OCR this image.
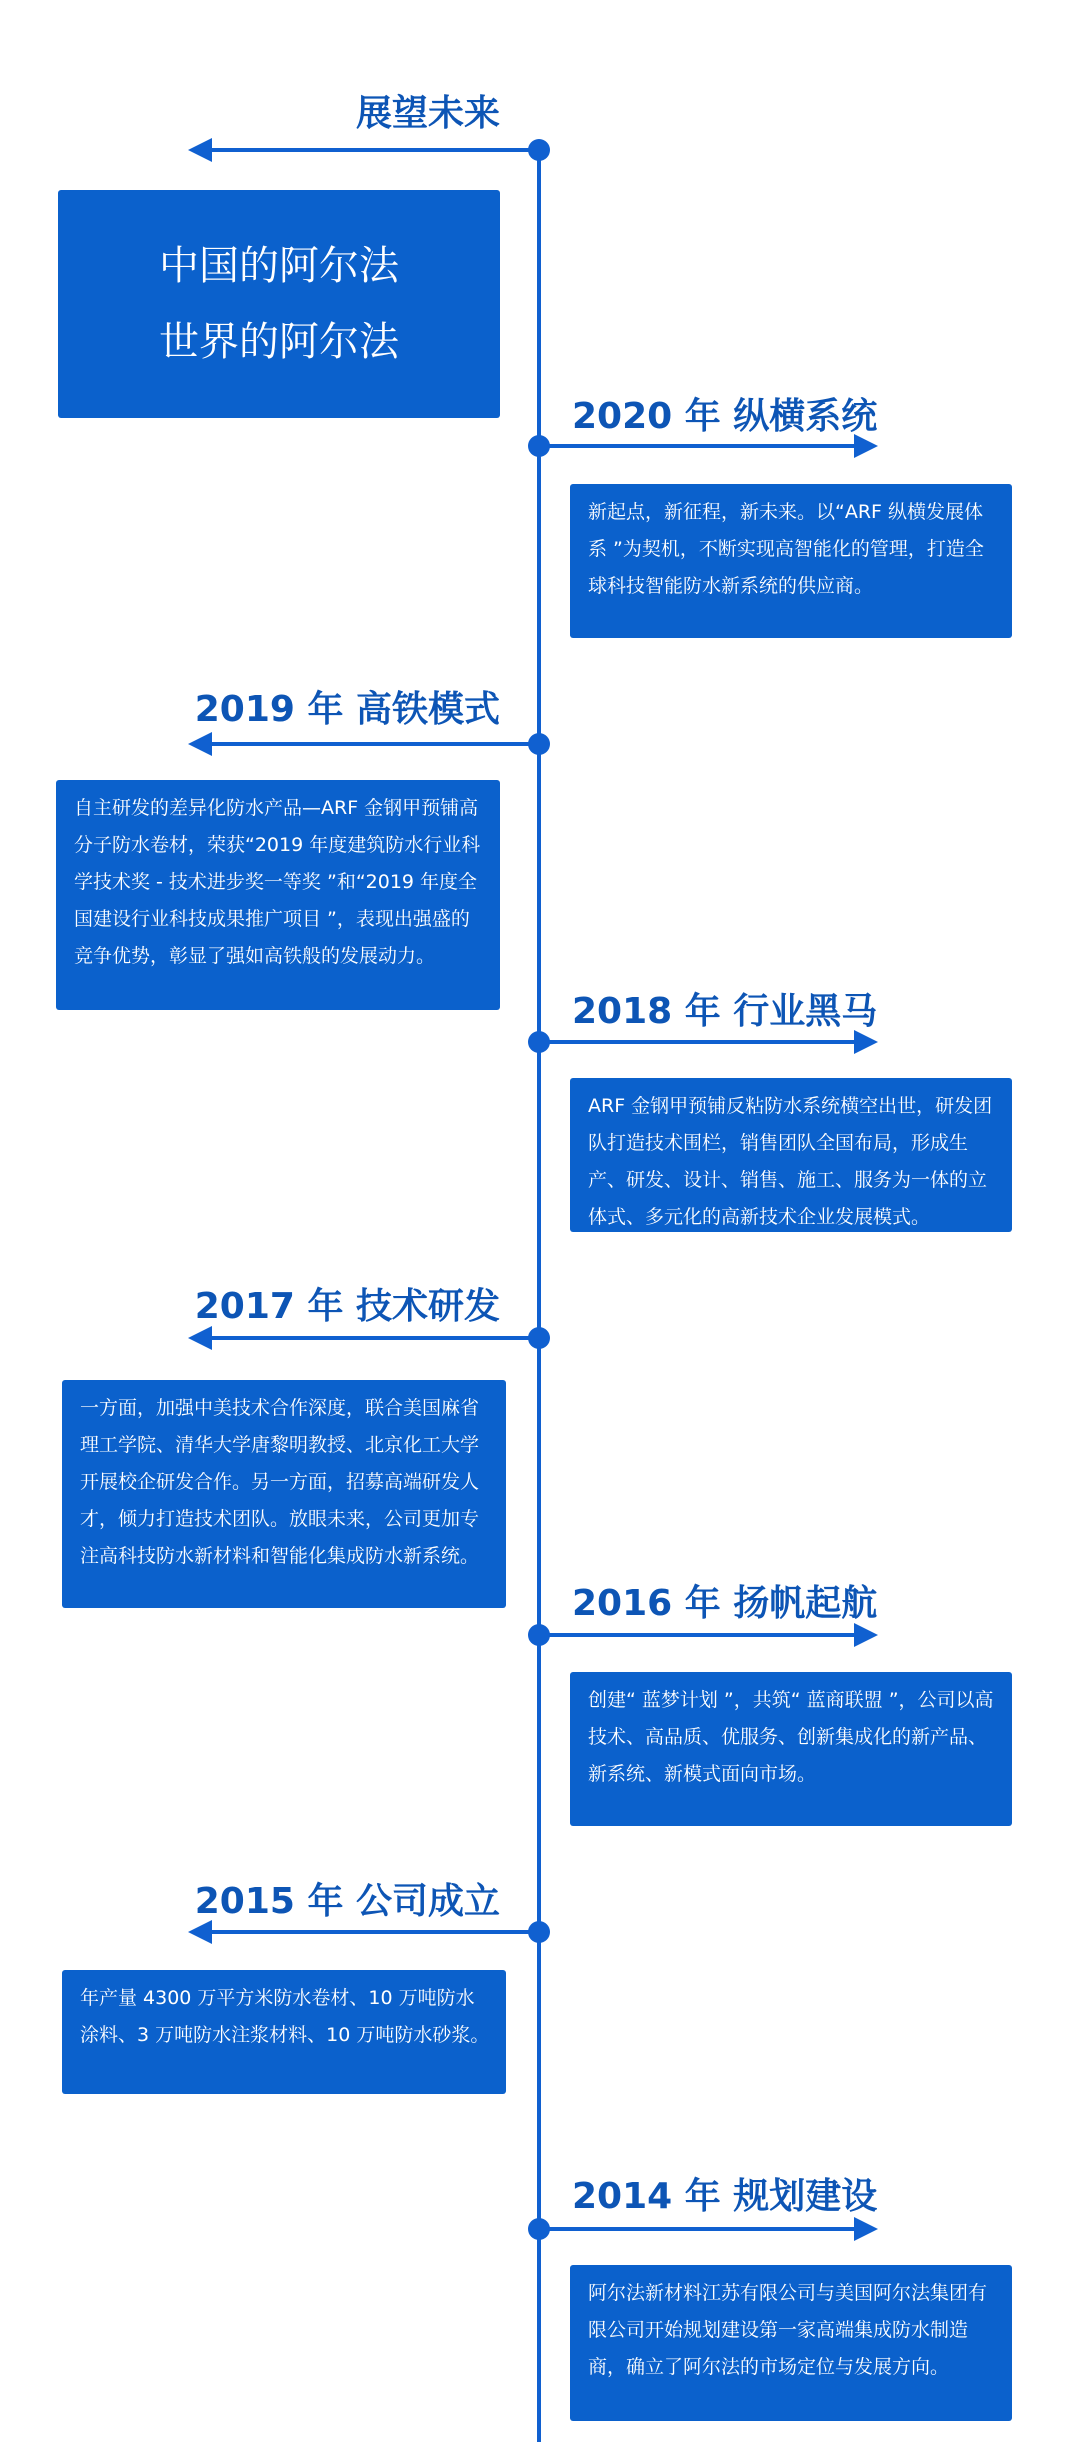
展望未来
中国的阿尔法
世界的阿尔法
2020 年 纵横系统

新起点，新征程，新未来。以“ARF 纵横发展体系 ”为契机，不断实现高智能化的管理，打造全球科技智能防水新系统的供应商。

2019 年 高铁模式

自主研发的差异化防水产品—ARF 金钢甲预铺高分子防水卷材，荣获“2019 年度建筑防水行业科学技术奖 - 技术进步奖一等奖 ”和“2019 年度全国建设行业科技成果推广项目 ”，表现出强盛的竞争优势，彰显了强如高铁般的发展动力。

2018 年 行业黑马

ARF 金钢甲预铺反粘防水系统横空出世，研发团队打造技术围栏，销售团队全国布局，形成生产、研发、设计、销售、施工、服务为一体的立体式、多元化的高新技术企业发展模式。

2017 年 技术研发

一方面，加强中美技术合作深度，联合美国麻省理工学院、清华大学唐黎明教授、北京化工大学开展校企研发合作。另一方面，招募高端研发人才，倾力打造技术团队。放眼未来，公司更加专注高科技防水新材料和智能化集成防水新系统。

2016 年 扬帆起航

创建“ 蓝梦计划 ”，共筑“ 蓝商联盟 ”，公司以高技术、高品质、优服务、创新集成化的新产品、新系统、新模式面向市场。

2015 年 公司成立

年产量 4300 万平方米防水卷材、10 万吨防水涂料、3 万吨防水注浆材料、10 万吨防水砂浆。

2014 年 规划建设

阿尔法新材料江苏有限公司与美国阿尔法集团有限公司开始规划建设第一家高端集成防水制造商，确立了阿尔法的市场定位与发展方向。
